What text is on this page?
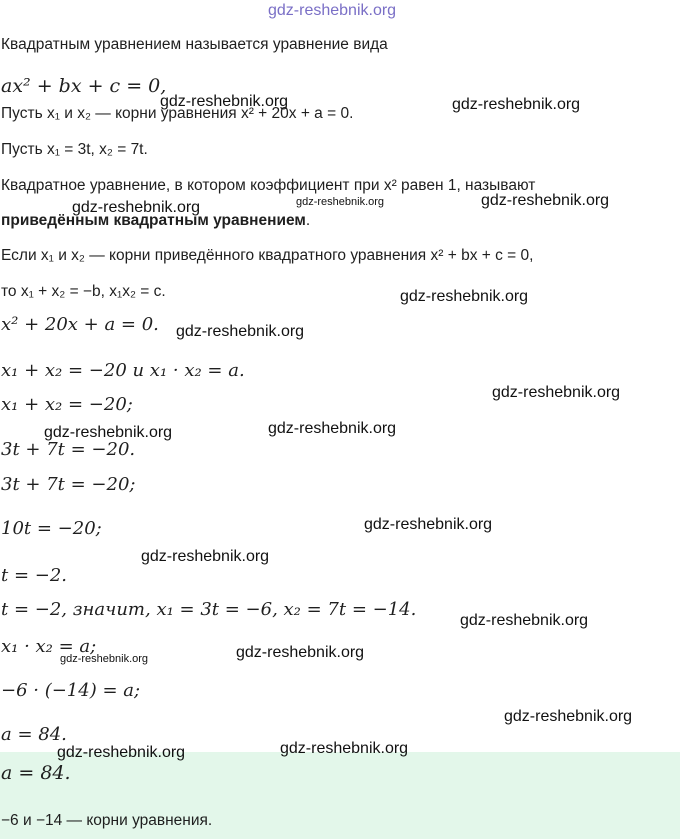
gdz-reshebnik.org
Квадратным уравнением называется уравнение вида
ax² + bx + c = 0,
Пусть x₁ и x₂ — корни уравнения x² + 20x + a = 0.
Пусть x₁ = 3t, x₂ = 7t.
Квадратное уравнение, в котором коэффициент при x² равен 1, называют
приведённым квадратным уравнением.
Если x₁ и x₂ — корни приведённого квадратного уравнения x² + bx + c = 0,
то x₁ + x₂ = −b, x₁x₂ = c.
x² + 20x + a = 0.
x₁ + x₂ = −20 и x₁ · x₂ = a.
x₁ + x₂ = −20;
3t + 7t = −20.
3t + 7t = −20;
10t = −20;
t = −2.
t = −2, значит, x₁ = 3t = −6, x₂ = 7t = −14.
x₁ · x₂ = a;
−6 · (−14) = a;
a = 84.
a = 84.
−6 и −14 — корни уравнения.
gdz-reshebnik.org	gdz-reshebnik.org
gdz-reshebnik.org	gdz-reshebnik.org	gdz-reshebnik.org
gdz-reshebnik.org
gdz-reshebnik.org
gdz-reshebnik.org
gdz-reshebnik.org
gdz-reshebnik.org
gdz-reshebnik.org
gdz-reshebnik.org
gdz-reshebnik.org
gdz-reshebnik.org
gdz-reshebnik.org
gdz-reshebnik.org
gdz-reshebnik.org
gdz-reshebnik.org
